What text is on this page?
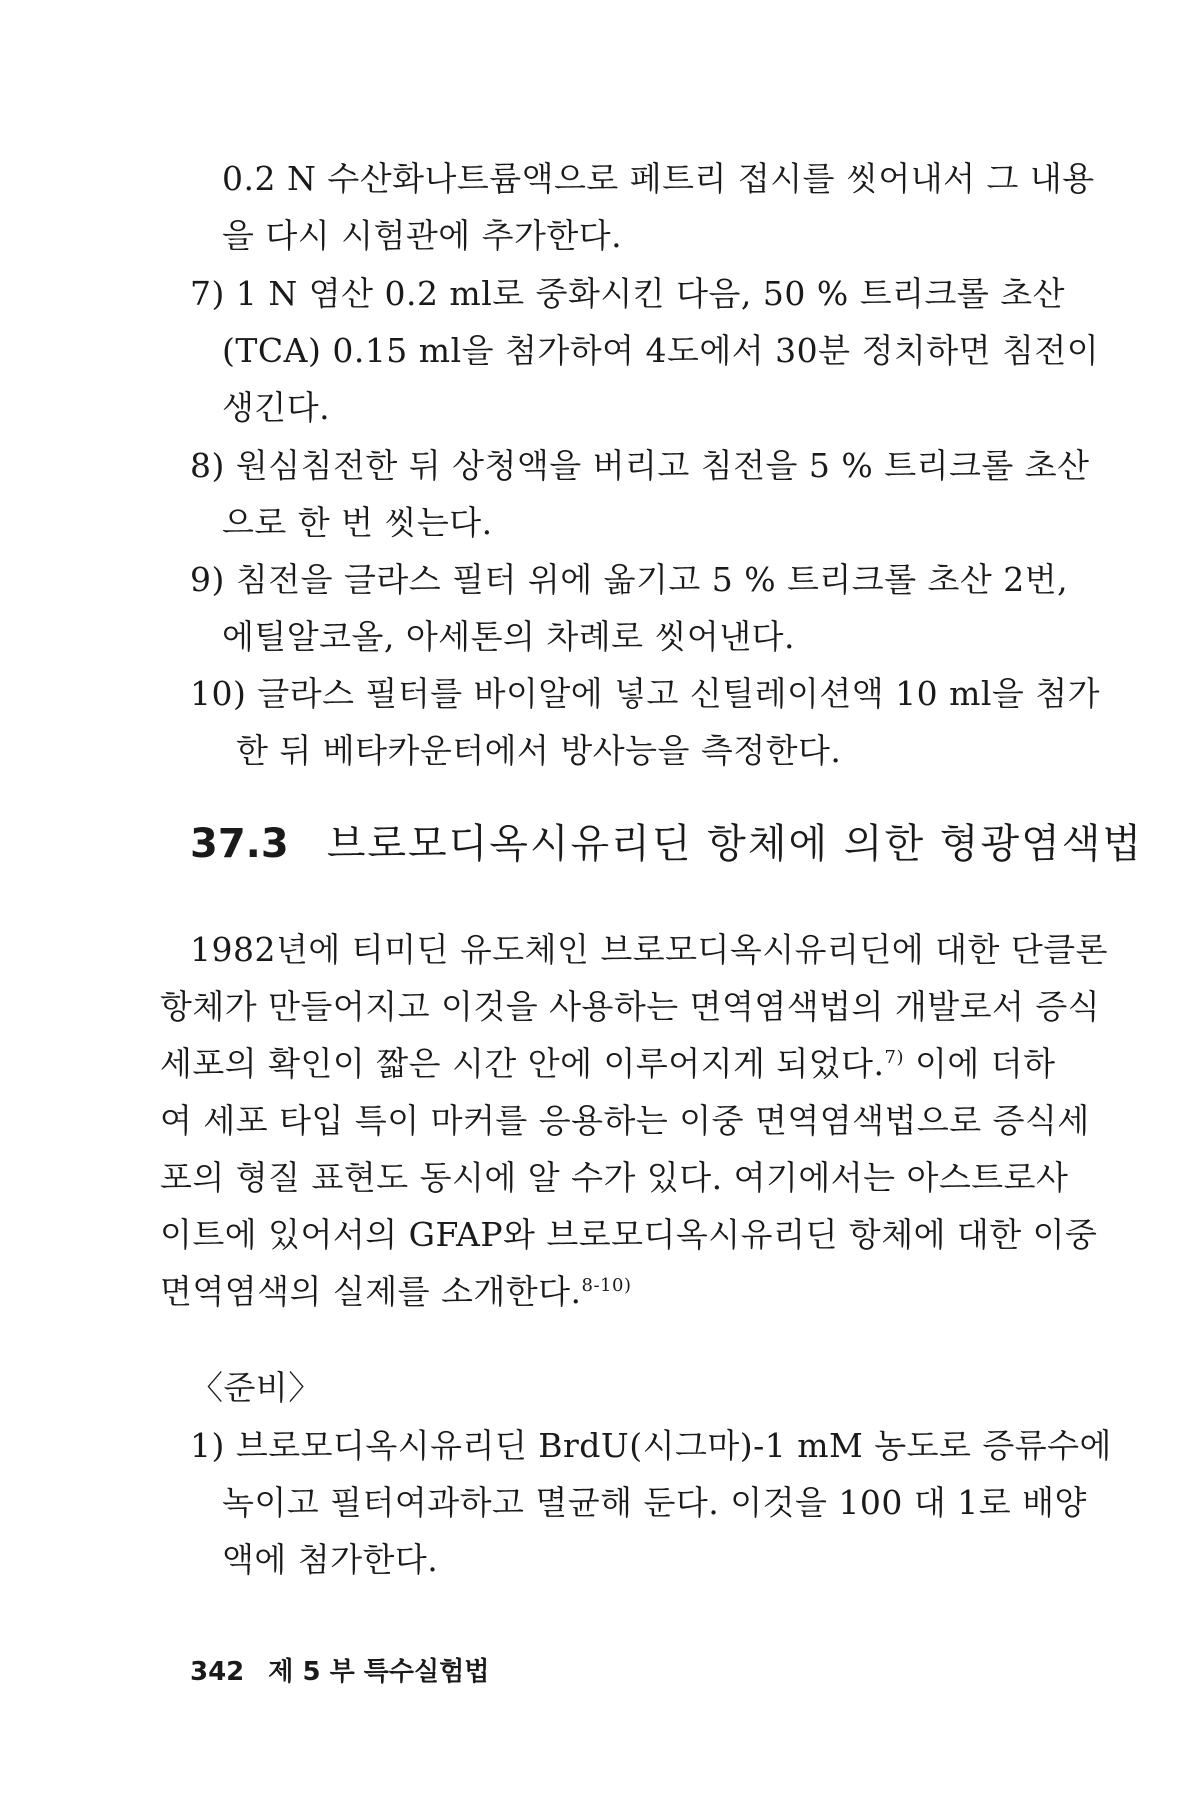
0.2 N 수산화나트륨액으로 페트리 접시를 씻어내서 그 내용
을 다시 시험관에 추가한다.
7) 1 N 염산 0.2 ml로 중화시킨 다음, 50 % 트리크롤 초산
(TCA) 0.15 ml을 첨가하여 4도에서 30분 정치하면 침전이
생긴다.
8) 원심침전한 뒤 상청액을 버리고 침전을 5 % 트리크롤 초산
으로 한 번 씻는다.
9) 침전을 글라스 필터 위에 옮기고 5 % 트리크롤 초산 2번,
에틸알코올, 아세톤의 차례로 씻어낸다.
10) 글라스 필터를 바이알에 넣고 신틸레이션액 10 ml을 첨가
한 뒤 베타카운터에서 방사능을 측정한다.
37.3 브로모디옥시유리딘 항체에 의한 형광염색법
1982년에 티미딘 유도체인 브로모디옥시유리딘에 대한 단클론
항체가 만들어지고 이것을 사용하는 면역염색법의 개발로서 증식
세포의 확인이 짧은 시간 안에 이루어지게 되었다.$^{7)}$ 이에 더하
여 세포 타입 특이 마커를 응용하는 이중 면역염색법으로 증식세
포의 형질 표현도 동시에 알 수가 있다. 여기에서는 아스트로사
이트에 있어서의 GFAP와 브로모디옥시유리딘 항체에 대한 이중
면역염색의 실제를 소개한다.$^{8-10)}$
〈준비〉
1) 브로모디옥시유리딘 BrdU(시그마)-1 mM 농도로 증류수에
녹이고 필터여과하고 멸균해 둔다. 이것을 100 대 1로 배양
액에 첨가한다.
342 제 5 부 특수실험법
